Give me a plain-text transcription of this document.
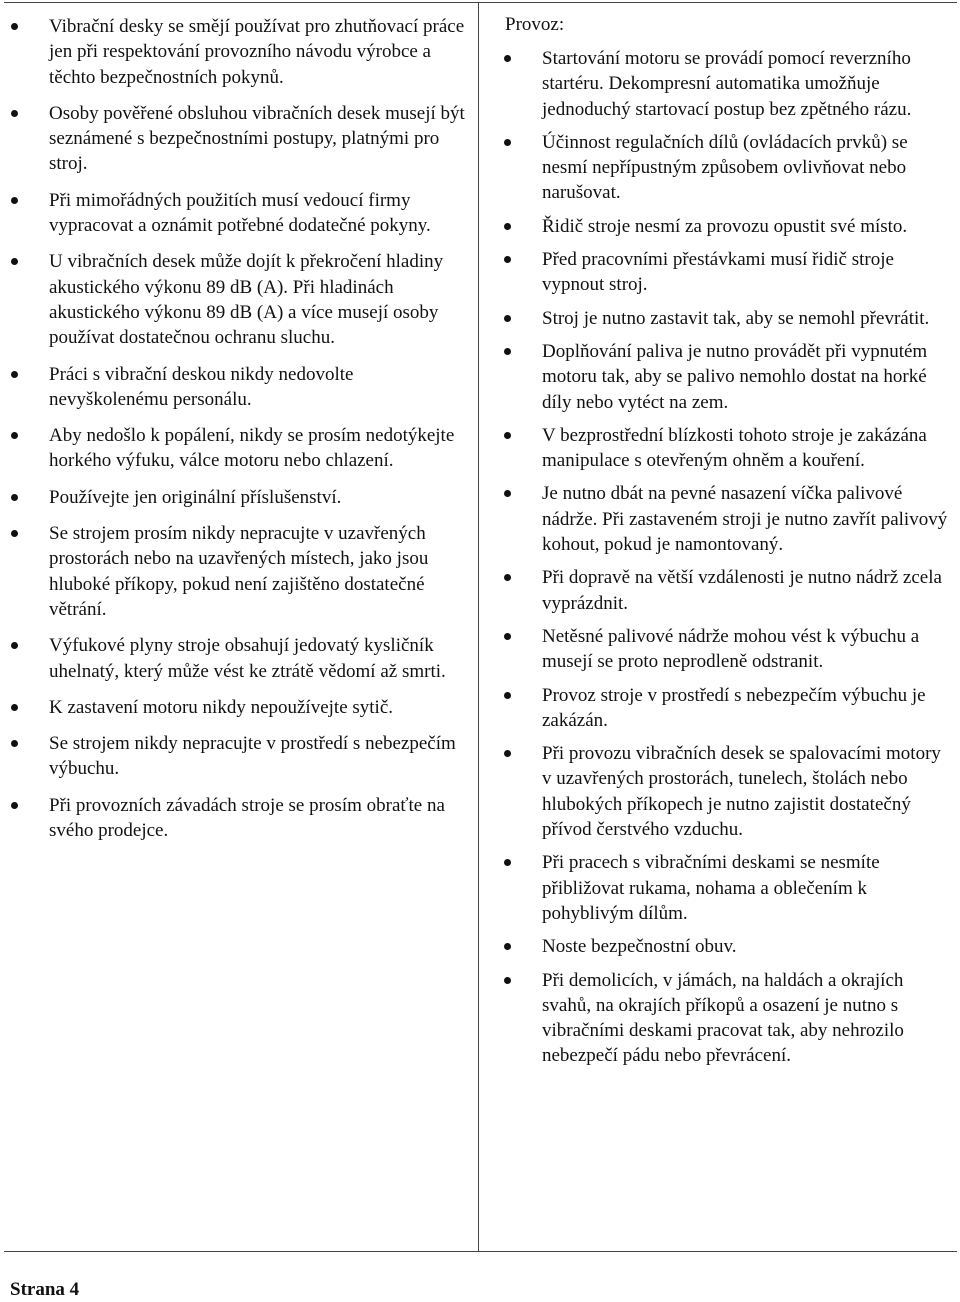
Vibrační desky se smějí používat pro zhutňovací práce jen při respektování provozního návodu výrobce a těchto bezpečnostních pokynů.
Osoby pověřené obsluhou vibračních desek musejí být seznámené s bezpečnostními postupy, platnými pro stroj.
Při mimořádných použitích musí vedoucí firmy vypracovat a oznámit potřebné dodatečné pokyny.
U vibračních desek může dojít k překročení hladiny akustického výkonu 89 dB (A). Při hladinách akustického výkonu 89 dB (A) a více musejí osoby používat dostatečnou ochranu sluchu.
Práci s vibrační deskou nikdy nedovolte nevyškolenému personálu.
Aby nedošlo k popálení, nikdy se prosím nedotýkejte horkého výfuku, válce motoru nebo chlazení.
Používejte jen originální příslušenství.
Se strojem prosím nikdy nepracujte v uzavřených prostorách nebo na uzavřených místech, jako jsou hluboké příkopy, pokud není zajištěno dostatečné větrání.
Výfukové plyny stroje obsahují jedovatý kysličník uhelnatý, který může vést ke ztrátě vědomí až smrti.
K zastavení motoru nikdy nepoužívejte sytič.
Se strojem nikdy nepracujte v prostředí s nebezpečím výbuchu.
Při provozních závadách stroje se prosím obraťte na svého prodejce.
Provoz:
Startování motoru se provádí pomocí reverzního startéru. Dekompresní automatika umožňuje jednoduchý startovací postup bez zpětného rázu.
Účinnost regulačních dílů (ovládacích prvků) se nesmí nepřípustným způsobem ovlivňovat nebo narušovat.
Řidič stroje nesmí za provozu opustit své místo.
Před pracovními přestávkami musí řidič stroje vypnout stroj.
Stroj je nutno zastavit tak, aby se nemohl převrátit.
Doplňování paliva je nutno provádět při vypnutém motoru tak, aby se palivo nemohlo dostat na horké díly nebo vytéct na zem.
V bezprostřední blízkosti tohoto stroje je zakázána manipulace s otevřeným ohněm a kouření.
Je nutno dbát na pevné nasazení víčka palivové nádrže. Při zastaveném stroji je nutno zavřít palivový kohout, pokud je namontovaný.
Při dopravě na větší vzdálenosti je nutno nádrž zcela vyprázdnit.
Netěsné palivové nádrže mohou vést k výbuchu a musejí se proto neprodleně odstranit.
Provoz stroje v prostředí s nebezpečím výbuchu je zakázán.
Při provozu vibračních desek se spalovacími motory v uzavřených prostorách, tunelech, štolách nebo hlubokých příkopech je nutno zajistit dostatečný přívod čerstvého vzduchu.
Při pracech s vibračními deskami se nesmíte přibližovat rukama, nohama a oblečením k pohyblivým dílům.
Noste bezpečnostní obuv.
Při demolicích, v jámách, na haldách a okrajích svahů, na okrajích příkopů a osazení je nutno s vibračními deskami pracovat tak, aby nehrozilo nebezpečí pádu nebo převrácení.
Strana 4
